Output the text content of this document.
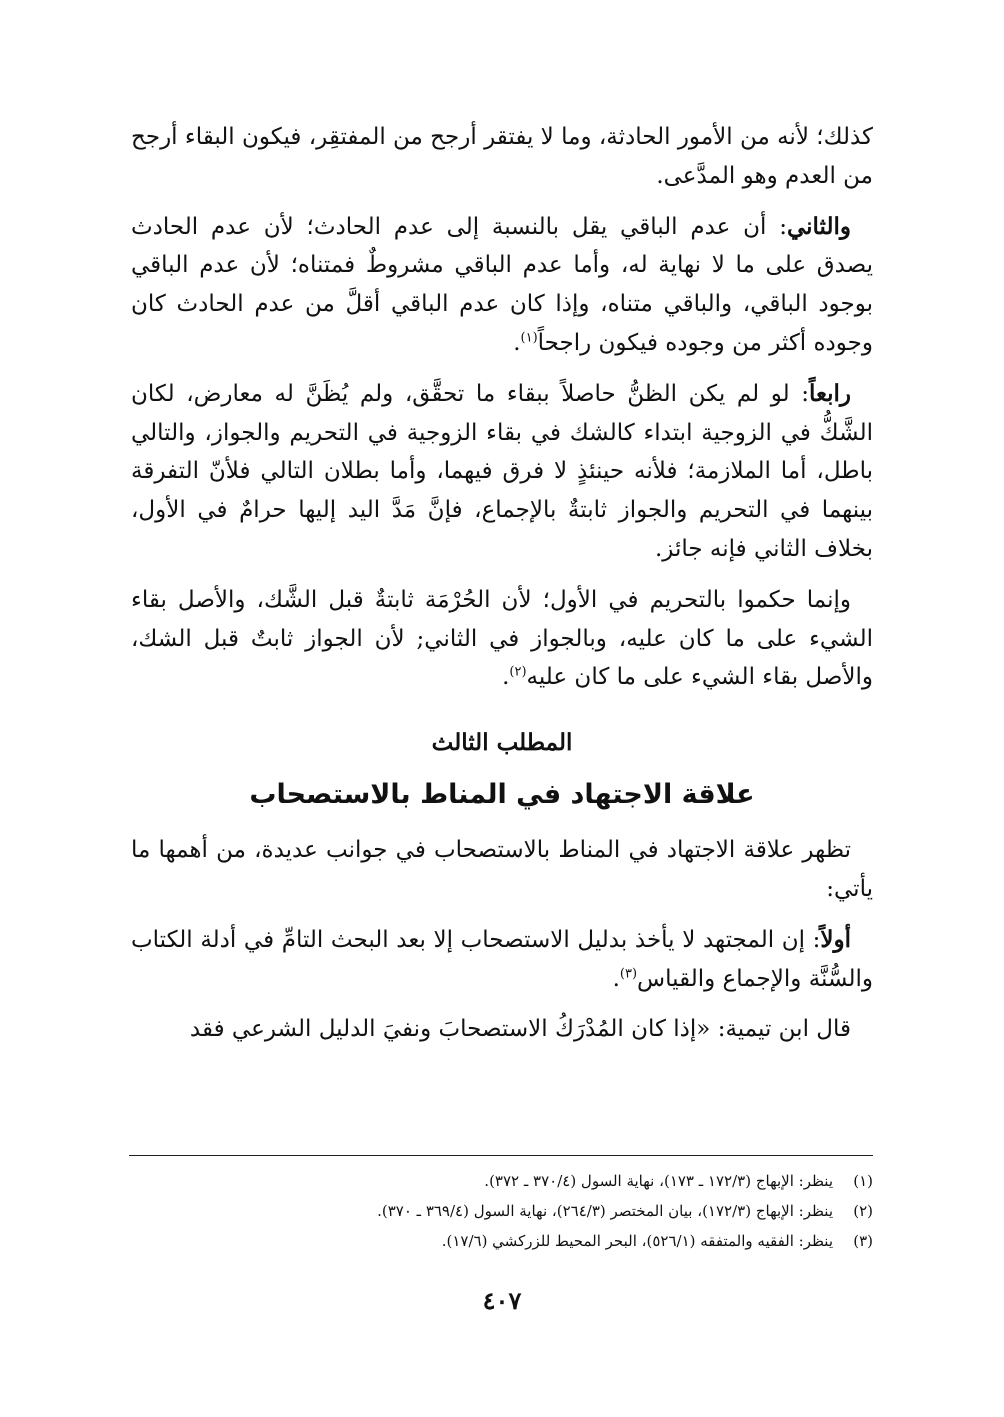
كذلك؛ لأنه من الأمور الحادثة، وما لا يفتقر أرجح من المفتقِر، فيكون البقاء أرجح من العدم وهو المدَّعى.

والثاني: أن عدم الباقي يقل بالنسبة إلى عدم الحادث؛ لأن عدم الحادث يصدق على ما لا نهاية له، وأما عدم الباقي مشروطٌ فمتناه؛ لأن عدم الباقي بوجود الباقي، والباقي متناه، وإذا كان عدم الباقي أقلَّ من عدم الحادث كان وجوده أكثر من وجوده فيكون راجحاً$^{(١)}$.

رابعاً: لو لم يكن الظنُّ حاصلاً ببقاء ما تحقَّق، ولم يُظَنَّ له معارض، لكان الشَّكُّ في الزوجية ابتداء كالشك في بقاء الزوجية في التحريم والجواز، والتالي باطل، أما الملازمة؛ فلأنه حينئذٍ لا فرق فيهما، وأما بطلان التالي فلأنّ التفرقة بينهما في التحريم والجواز ثابتةٌ بالإجماع، فإنَّ مَدَّ اليد إليها حرامٌ في الأول، بخلاف الثاني فإنه جائز.

وإنما حكموا بالتحريم في الأول؛ لأن الحُرْمَة ثابتةٌ قبل الشَّك، والأصل بقاء الشيء على ما كان عليه، وبالجواز في الثاني; لأن الجواز ثابتٌ قبل الشك، والأصل بقاء الشيء على ما كان عليه$^{(٢)}$.

المطلب الثالث
علاقة الاجتهاد في المناط بالاستصحاب

تظهر علاقة الاجتهاد في المناط بالاستصحاب في جوانب عديدة، من أهمها ما يأتي:

أولاً: إن المجتهد لا يأخذ بدليل الاستصحاب إلا بعد البحث التامِّ في أدلة الكتاب والسُّنَّة والإجماع والقياس$^{(٣)}$.

قال ابن تيمية: «إذا كان المُدْرَكُ الاستصحابَ ونفيَ الدليل الشرعي فقد

(١)
ينظر: الإبهاج (١٧٢/٣ ـ ١٧٣)، نهاية السول (٣٧٠/٤ ـ ٣٧٢).
(٢)
ينظر: الإبهاج (١٧٢/٣)، بيان المختصر (٢٦٤/٣)، نهاية السول (٣٦٩/٤ ـ ٣٧٠).
(٣)
ينظر: الفقيه والمتفقه (٥٢٦/١)، البحر المحيط للزركشي (١٧/٦).
٤٠٧
